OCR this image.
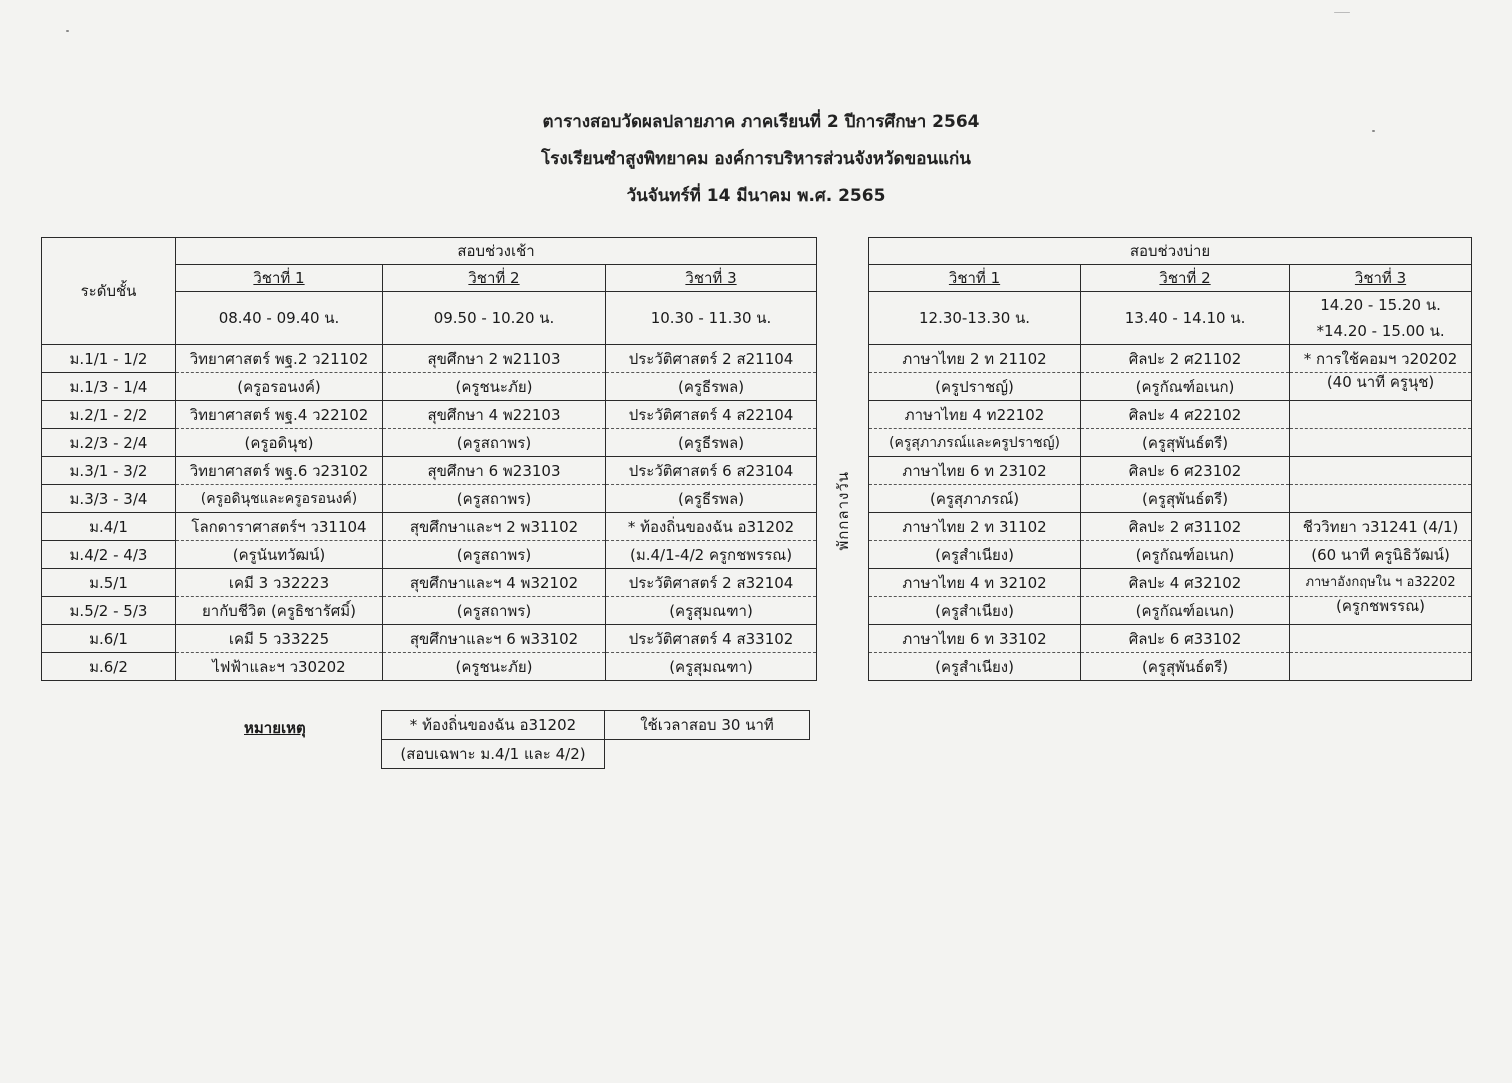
ตารางสอบวัดผลปลายภาค ภาคเรียนที่ 2 ปีการศึกษา 2564
โรงเรียนซำสูงพิทยาคม องค์การบริหารส่วนจังหวัดขอนแก่น
วันจันทร์ที่ 14 มีนาคม พ.ศ. 2565
ระดับชั้น	สอบช่วงเช้า				สอบช่วงบ่าย		
	วิชาที่ 1	วิชาที่ 2	วิชาที่ 3		วิชาที่ 1	วิชาที่ 2	วิชาที่ 3
	08.40 - 09.40 น.	09.50 - 10.20 น.	10.30 - 11.30 น.		12.30-13.30 น.	13.40 - 14.10 น.	14.20 - 15.20 น.
*14.20 - 15.00 น.

ม.1/1 - 1/2	วิทยาศาสตร์ พฐ.2 ว21102	สุขศึกษา 2 พ21103	ประวัติศาสตร์ 2 ส21104	พักกลางวัน	ภาษาไทย 2 ท 21102	ศิลปะ 2 ศ21102	* การใช้คอมฯ ว20202
ม.1/3 - 1/4	(ครูอรอนงค์)	(ครูชนะภัย)	(ครูธีรพล)		(ครูปราชญ์)	(ครูกัณฑ์อเนก)	(40 นาที ครูนุช)
ม.2/1 - 2/2	วิทยาศาสตร์ พฐ.4 ว22102	สุขศึกษา 4 พ22103	ประวัติศาสตร์ 4 ส22104		ภาษาไทย 4 ท22102	ศิลปะ 4 ศ22102	
ม.2/3 - 2/4	(ครูอดินุช)	(ครูสถาพร)	(ครูธีรพล)		(ครูสุภาภรณ์และครูปราชญ์)	(ครูสุพันธ์ตรี)	
ม.3/1 - 3/2	วิทยาศาสตร์ พฐ.6 ว23102	สุขศึกษา 6 พ23103	ประวัติศาสตร์ 6 ส23104		ภาษาไทย 6 ท 23102	ศิลปะ 6 ศ23102	
ม.3/3 - 3/4	(ครูอดินุชและครูอรอนงค์)	(ครูสถาพร)	(ครูธีรพล)		(ครูสุภาภรณ์)	(ครูสุพันธ์ตรี)	
ม.4/1	โลกดาราศาสตร์ฯ ว31104	สุขศึกษาและฯ 2 พ31102	* ท้องถิ่นของฉัน อ31202		ภาษาไทย 2 ท 31102	ศิลปะ 2 ศ31102	ชีววิทยา ว31241 (4/1)
ม.4/2 - 4/3	(ครูนันทวัฒน์)	(ครูสถาพร)	(ม.4/1-4/2 ครูกชพรรณ)		(ครูสำเนียง)	(ครูกัณฑ์อเนก)	(60 นาที ครูนิธิวัฒน์)
ม.5/1	เคมี 3 ว32223	สุขศึกษาและฯ 4 พ32102	ประวัติศาสตร์ 2 ส32104		ภาษาไทย 4 ท 32102	ศิลปะ 4 ศ32102	ภาษาอังกฤษใน ฯ อ32202
ม.5/2 - 5/3	ยากับชีวิต (ครูธิชารัศมิ์)	(ครูสถาพร)	(ครูสุมณฑา)		(ครูสำเนียง)	(ครูกัณฑ์อเนก)	(ครูกชพรรณ)
ม.6/1	เคมี 5 ว33225	สุขศึกษาและฯ 6 พ33102	ประวัติศาสตร์ 4 ส33102		ภาษาไทย 6 ท 33102	ศิลปะ 6 ศ33102	
ม.6/2	ไฟฟ้าและฯ ว30202	(ครูชนะภัย)	(ครูสุมณฑา)		(ครูสำเนียง)	(ครูสุพันธ์ตรี)	
หมายเหตุ	* ท้องถิ่นของฉัน อ31202	ใช้เวลาสอบ 30 นาที
(สอบเฉพาะ ม.4/1 และ 4/2)	
